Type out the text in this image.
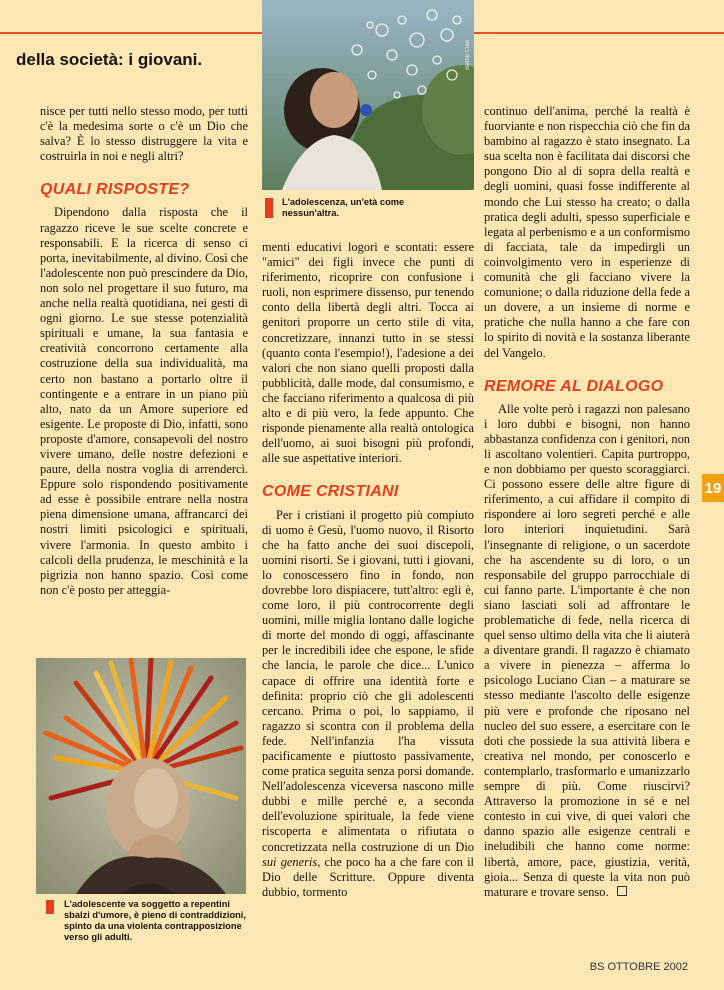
della società: i giovani.

nisce per tutti nello stesso modo, per tutti c'è la medesima sorte o c'è un Dio che salva? È lo stesso distruggere la vita e costruirla in noi e negli altri?

QUALI RISPOSTE?

Dipendono dalla risposta che il ragazzo riceve le sue scelte concrete e responsabili. E la ricerca di senso ci porta, inevitabilmente, al divino. Così che l'adolescente non può prescindere da Dio, non solo nel progettare il suo futuro, ma anche nella realtà quotidiana, nei gesti di ogni giorno. Le sue stesse potenzialità spirituali e umane, la sua fantasia e creatività concorrono certamente alla costruzione della sua individualità, ma certo non bastano a portarlo oltre il contingente e a entrare in un piano più alto, nato da un Amore superiore ed esigente. Le proposte di Dio, infatti, sono proposte d'amore, consapevoli del nostro vivere umano, delle nostre defezioni e paure, della nostra voglia di arrendercì. Eppure solo rispondendo positivamente ad esse è possibile entrare nella nostra piena dimensione umana, affrancarci dei nostri limiti psicologici e spirituali, vivere l'armonia. In questo ambito i calcoli della prudenza, le meschinità e la pigrizia non hanno spazio. Così come non c'è posto per atteggia-

L'adolescente va soggetto a repentini sbalzi d'umore, è pieno di contraddizioni, spinto da una violenta contrapposizione verso gli adulti.
Bertie Ciao
L'adolescenza, un'età come nessun'altra.

menti educativi logori e scontati: essere "amici" dei figli invece che punti di riferimento, ricoprire con confusione i ruoli, non esprimere dissenso, pur tenendo conto della libertà degli altri. Tocca ai genitori proporre un certo stile di vita, concretizzare, innanzi tutto in se stessi (quanto conta l'esempio!), l'adesione a dei valori che non siano quelli proposti dalla pubblicità, dalle mode, dal consumismo, e che facciano riferimento a qualcosa di più alto e di più vero, la fede appunto. Che risponde pienamente alla realtà ontologica dell'uomo, ai suoi bisogni più profondi, alle sue aspettative interiori.

COME CRISTIANI

Per i cristiani il progetto più compiuto di uomo è Gesù, l'uomo nuovo, il Risorto che ha fatto anche dei suoi discepoli, uomini risorti. Se i giovani, tutti i giovani, lo conoscessero fino in fondo, non dovrebbe loro dispiacere, tutt'altro: egli è, come loro, il più controcorrente degli uomini, mille miglia lontano dalle logiche di morte del mondo di oggi, affascinante per le incredibili idee che espone, le sfide che lancia, le parole che dice... L'unico capace di offrire una identità forte e definita: proprio ciò che gli adolescenti cercano. Prima o poi, lo sappiamo, il ragazzo si scontra con il problema della fede. Nell'infanzia l'ha vissuta pacificamente e piuttosto passivamente, come pratica seguita senza porsi domande. Nell'adolescenza viceversa nascono mille dubbi e mille perché e, a seconda dell'evoluzione spirituale, la fede viene riscoperta e alimentata o rifiutata o concretizzata nella costruzione di un Dio sui generis, che poco ha a che fare con il Dio delle Scritture. Oppure diventa dubbio, tormento

continuo dell'anima, perché la realtà è fuorviante e non rispecchia ciò che fin da bambino al ragazzo è stato insegnato. La sua scelta non è facilitata dai discorsi che pongono Dio al di sopra della realtà e degli uomini, quasi fosse indifferente al mondo che Lui stesso ha creato; o dalla pratica degli adulti, spesso superficiale e legata al perbenismo e a un conformismo di facciata, tale da impedirgli un coinvolgimento vero in esperienze di comunità che gli facciano vivere la comunione; o dalla riduzione della fede a un dovere, a un insieme di norme e pratiche che nulla hanno a che fare con lo spirito di novità e la sostanza liberante del Vangelo.

REMORE AL DIALOGO

Alle volte però i ragazzi non palesano i loro dubbi e bisogni, non hanno abbastanza confidenza con i genitori, non li ascoltano volentieri. Capita purtroppo, e non dobbiamo per questo scoraggiarci. Ci possono essere delle altre figure di riferimento, a cui affidare il compito di rispondere ai loro segreti perché e alle loro interiori inquietudini. Sarà l'insegnante di religione, o un sacerdote che ha ascendente su di loro, o un responsabile del gruppo parrocchiale di cui fanno parte. L'importante è che non siano lasciati soli ad affrontare le problematiche di fede, nella ricerca di quel senso ultimo della vita che li aiuterà a diventare grandi. Il ragazzo è chiamato a vivere in pienezza – afferma lo psicologo Luciano Cian – a maturare se stesso mediante l'ascolto delle esigenze più vere e profonde che riposano nel nucleo del suo essere, a esercitare con le doti che possiede la sua attività libera e creativa nel mondo, per conoscerlo e contemplarlo, trasformarlo e umanizzarlo sempre di più. Come riuscirvi? Attraverso la promozione in sé e nel contesto in cui vive, di quei valori che danno spazio alle esigenze centrali e ineludibili che hanno come norme: libertà, amore, pace, giustizia, verità, gioia... Senza di queste la vita non può maturare e trovare senso.

19
BS OTTOBRE 2002
